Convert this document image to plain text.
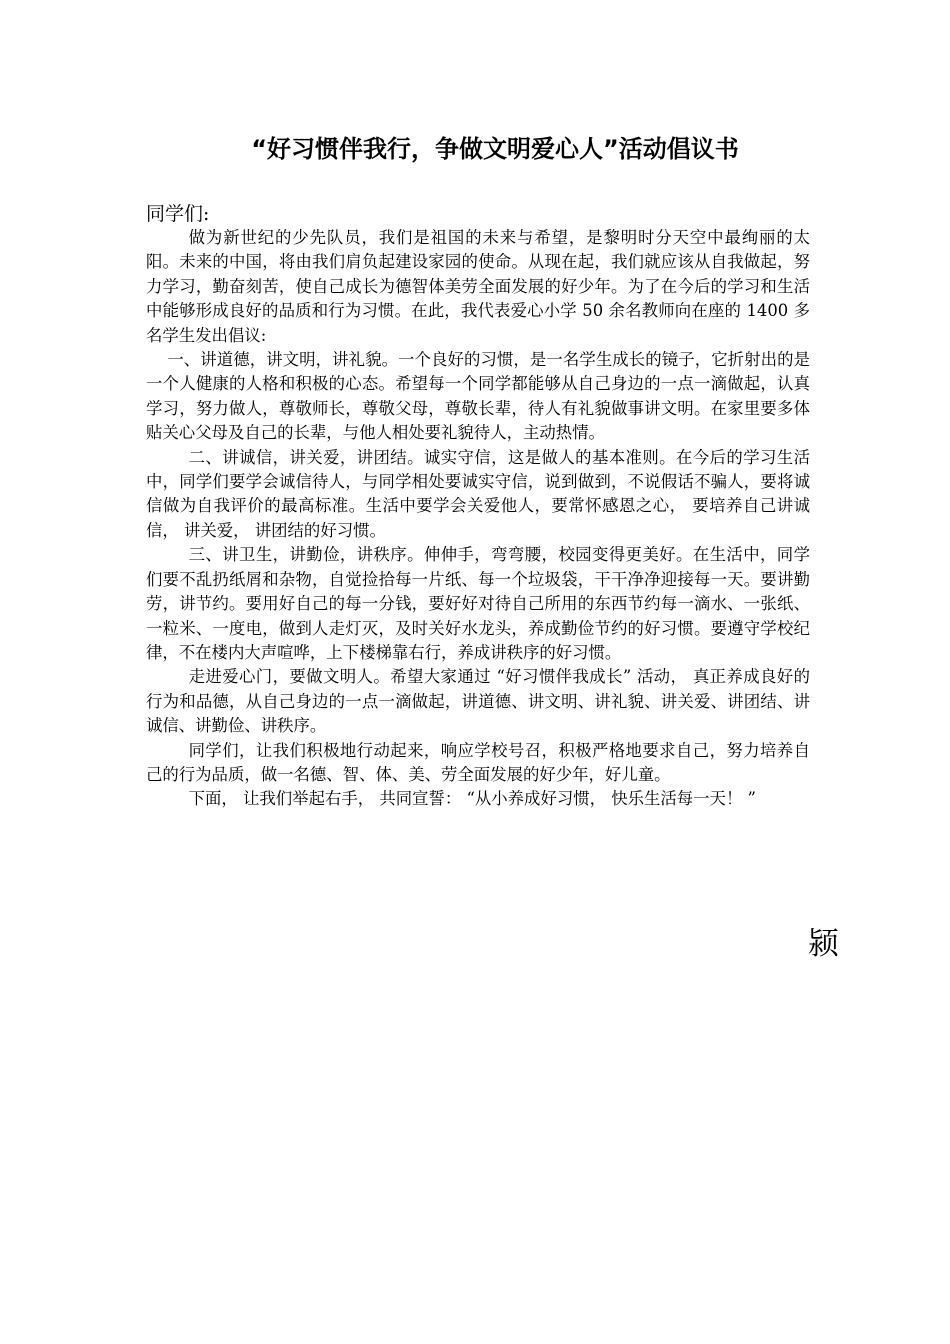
“好习惯伴我行，争做文明爱心人”活动倡议书
同学们:

做为新世纪的少先队员，我们是祖国的未来与希望，是黎明时分天空中最绚丽的太阳。未来的中国，将由我们肩负起建设家园的使命。从现在起，我们就应该从自我做起，努力学习，勤奋刻苦，使自己成长为德智体美劳全面发展的好少年。为了在今后的学习和生活中能够形成良好的品质和行为习惯。在此，我代表爱心小学 50 余名教师向在座的 1400 多名学生发出倡议:

一、讲道德，讲文明，讲礼貌。一个良好的习惯，是一名学生成长的镜子，它折射出的是一个人健康的人格和积极的心态。希望每一个同学都能够从自己身边的一点一滴做起，认真学习，努力做人，尊敬师长，尊敬父母，尊敬长辈，待人有礼貌做事讲文明。在家里要多体贴关心父母及自己的长辈，与他人相处要礼貌待人，主动热情。

二、讲诚信，讲关爱，讲团结。诚实守信，这是做人的基本准则。在今后的学习生活中，同学们要学会诚信待人，与同学相处要诚实守信，说到做到，不说假话不骗人，要将诚信做为自我评价的最高标准。生活中要学会关爱他人，要常怀感恩之心， 要培养自己讲诚信， 讲关爱， 讲团结的好习惯。

三、讲卫生，讲勤俭，讲秩序。伸伸手，弯弯腰，校园变得更美好。在生活中，同学们要不乱扔纸屑和杂物，自觉捡拾每一片纸、每一个垃圾袋，干干净净迎接每一天。要讲勤劳，讲节约。要用好自己的每一分钱，要好好对待自己所用的东西节约每一滴水、一张纸、一粒米、一度电，做到人走灯灭，及时关好水龙头，养成勤俭节约的好习惯。要遵守学校纪律，不在楼内大声喧哗，上下楼梯靠右行，养成讲秩序的好习惯。

走进爱心门，要做文明人。希望大家通过 “好习惯伴我成长” 活动， 真正养成良好的行为和品德，从自己身边的一点一滴做起，讲道德、讲文明、讲礼貌、讲关爱、讲团结、讲诚信、讲勤俭、讲秩序。

同学们，让我们积极地行动起来，响应学校号召，积极严格地要求自己，努力培养自己的行为品质，做一名德、智、体、美、劳全面发展的好少年，好儿童。

下面， 让我们举起右手， 共同宣誓： “从小养成好习惯， 快乐生活每一天！ ”

颍
